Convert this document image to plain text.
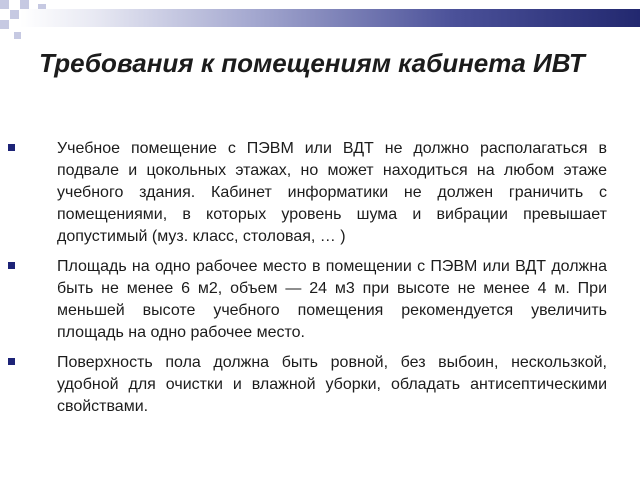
Требования к помещениям кабинета ИВТ
Учебное помещение с ПЭВМ или ВДТ не должно располагаться в подвале и цокольных этажах, но может находиться на любом этаже учебного здания. Кабинет информатики не должен граничить с помещениями, в которых уровень шума и вибрации превышает допустимый (муз. класс, столовая, … )
Площадь на одно рабочее место в помещении с ПЭВМ или ВДТ должна быть не менее 6 м2, объем — 24 м3 при высоте не менее 4 м. При меньшей высоте учебного помещения рекомендуется увеличить площадь на одно рабочее место.
Поверхность пола должна быть ровной, без выбоин, нескользкой, удобной для очистки и влажной уборки, обладать антисептическими свойствами.
